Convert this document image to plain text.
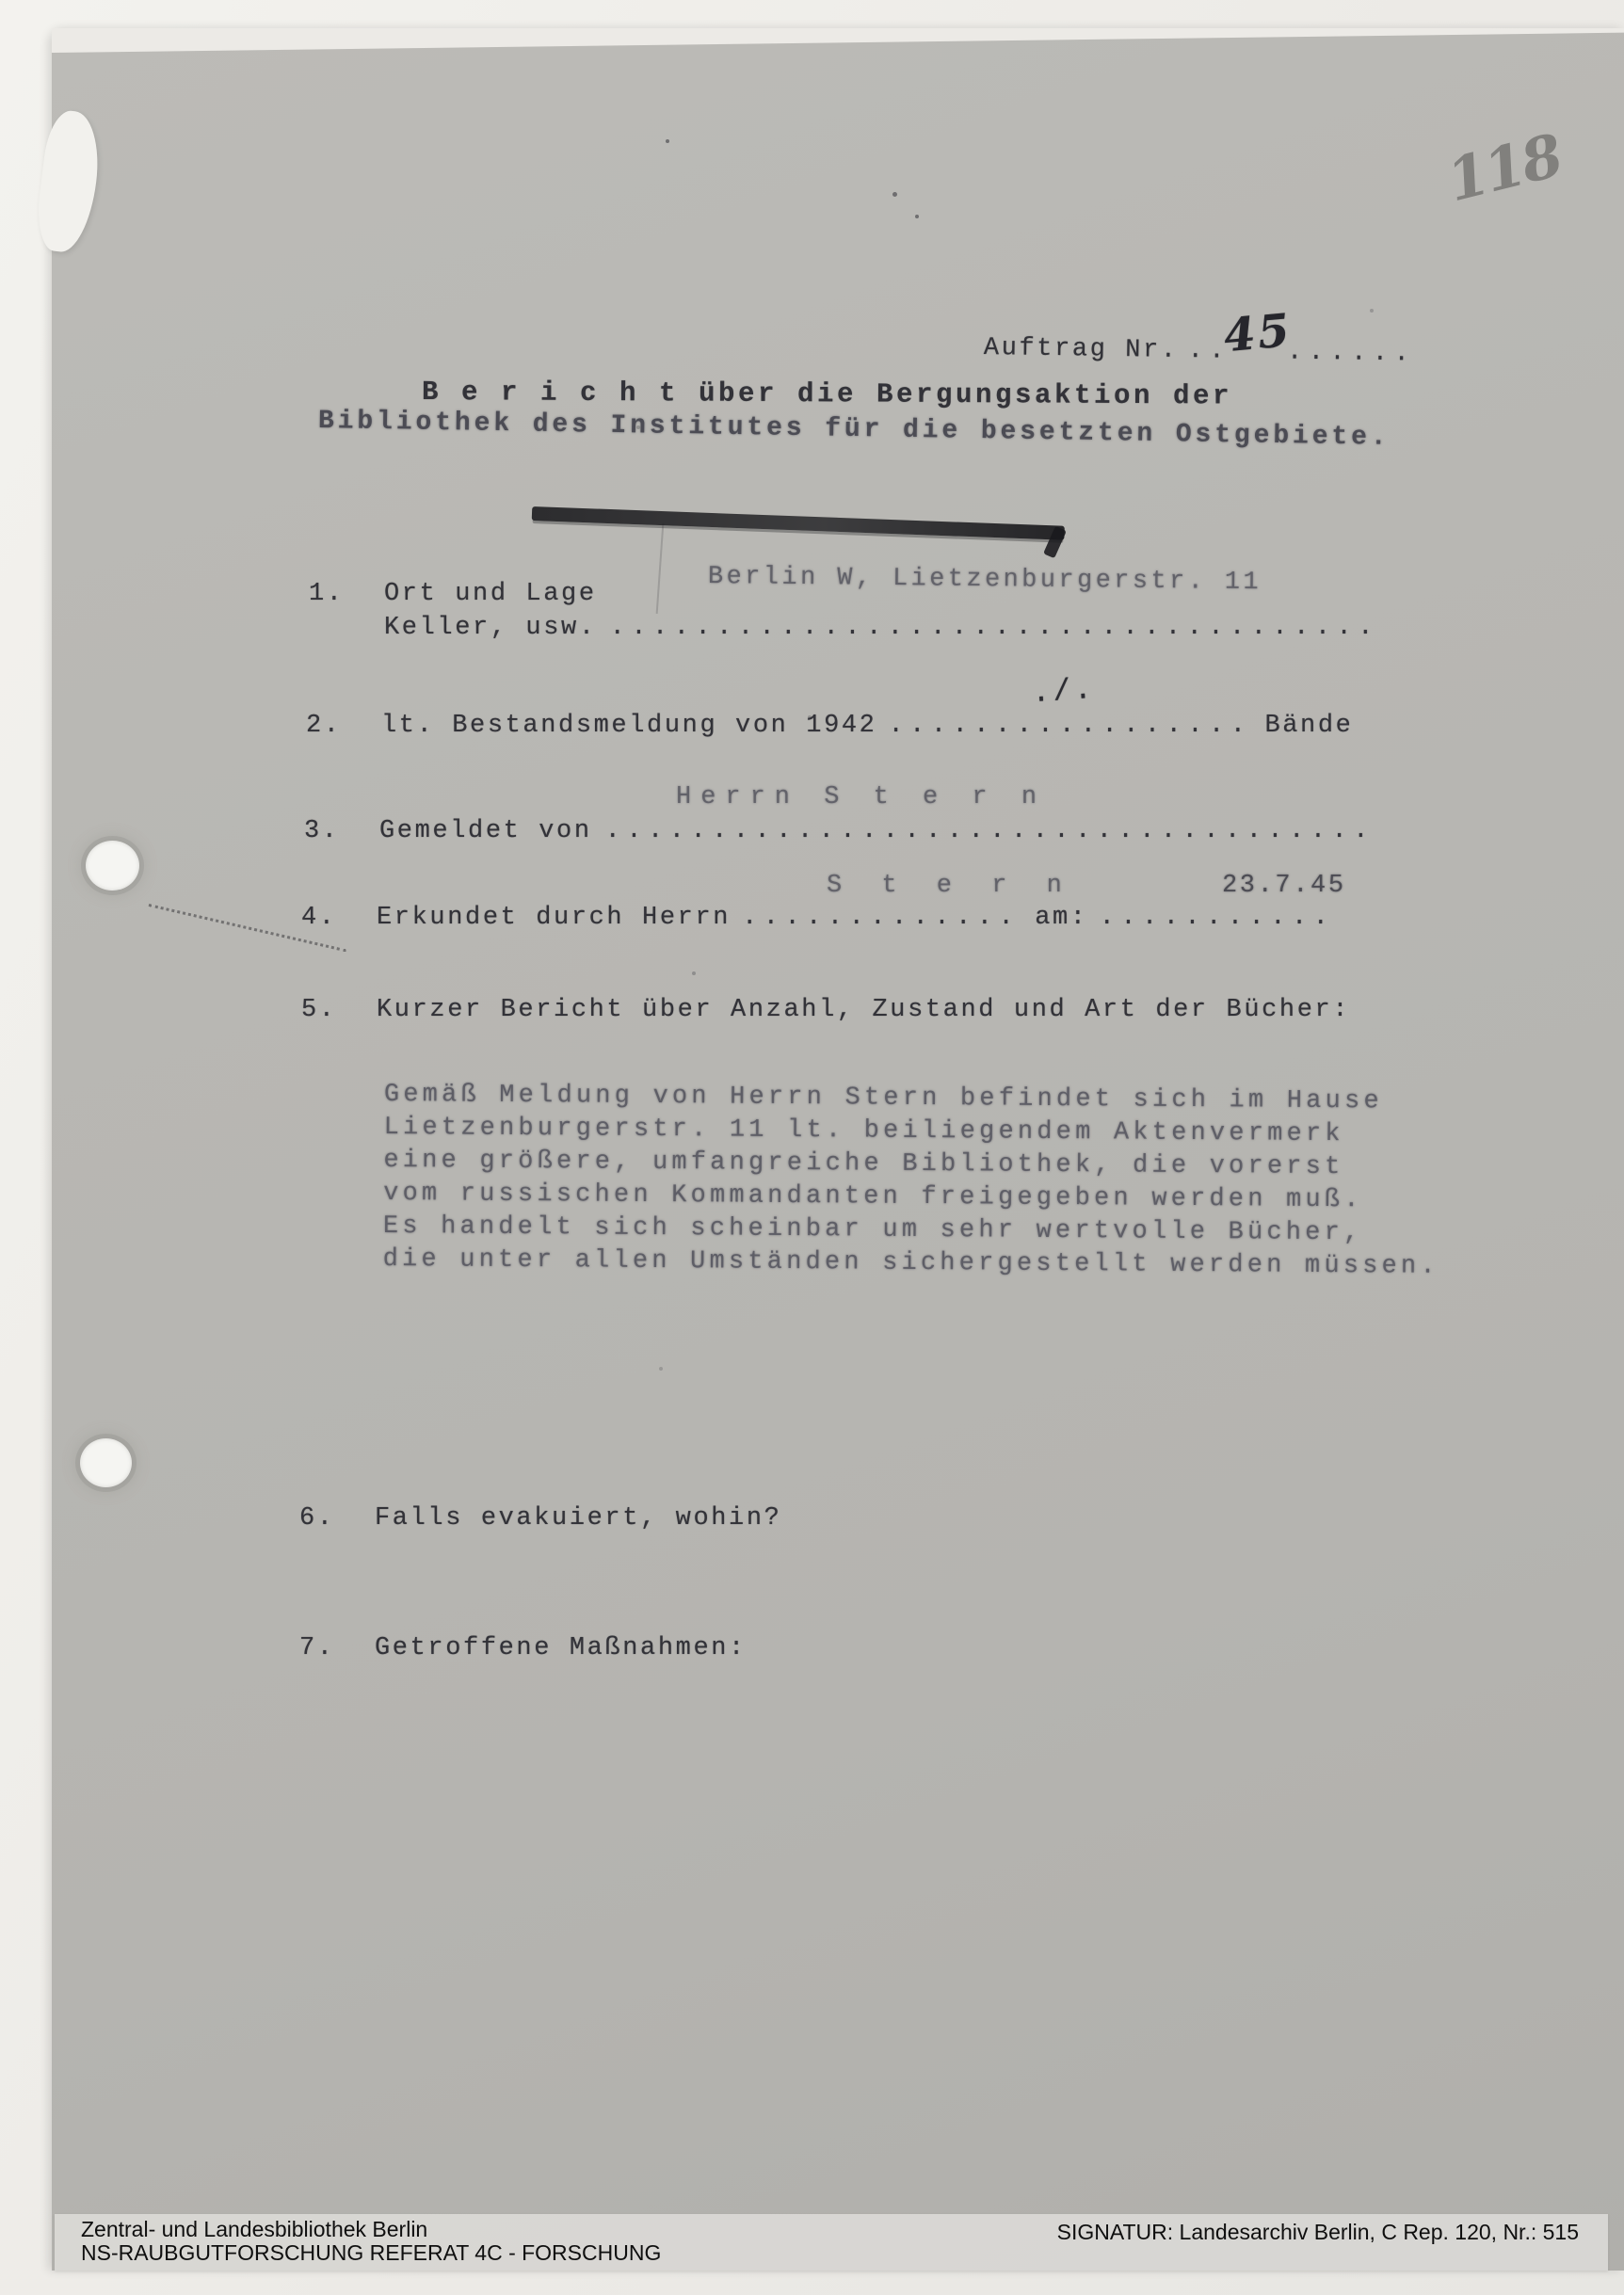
118
Auftrag Nr. ..
45
......
B e r i c h t über die Bergungsaktion der
Bibliothek des Institutes für die besetzten Ostgebiete.
1.	Ort und Lage	Berlin W, Lietzenburgerstr. 11
Keller, usw. ....................................
./.
2.	lt. Bestandsmeldung von 1942 ................. Bände
Herrn S t e r n
3.	Gemeldet von ....................................
S t e r n	23.7.45
4.	Erkundet durch Herrn ............. am: ...........
5.	Kurzer Bericht über Anzahl, Zustand und Art der Bücher:
Gemäß Meldung von Herrn Stern befindet sich im Hause
Lietzenburgerstr. 11 lt. beiliegendem Aktenvermerk
eine größere, umfangreiche Bibliothek, die vorerst
vom russischen Kommandanten freigegeben werden muß.
Es handelt sich scheinbar um sehr wertvolle Bücher,
die unter allen Umständen sichergestellt werden müssen.
6.	Falls evakuiert, wohin?
7.	Getroffene Maßnahmen:
Zentral- und Landesbibliothek Berlin
NS-RAUBGUTFORSCHUNG REFERAT 4C - FORSCHUNG
SIGNATUR: Landesarchiv Berlin, C Rep. 120, Nr.: 515
